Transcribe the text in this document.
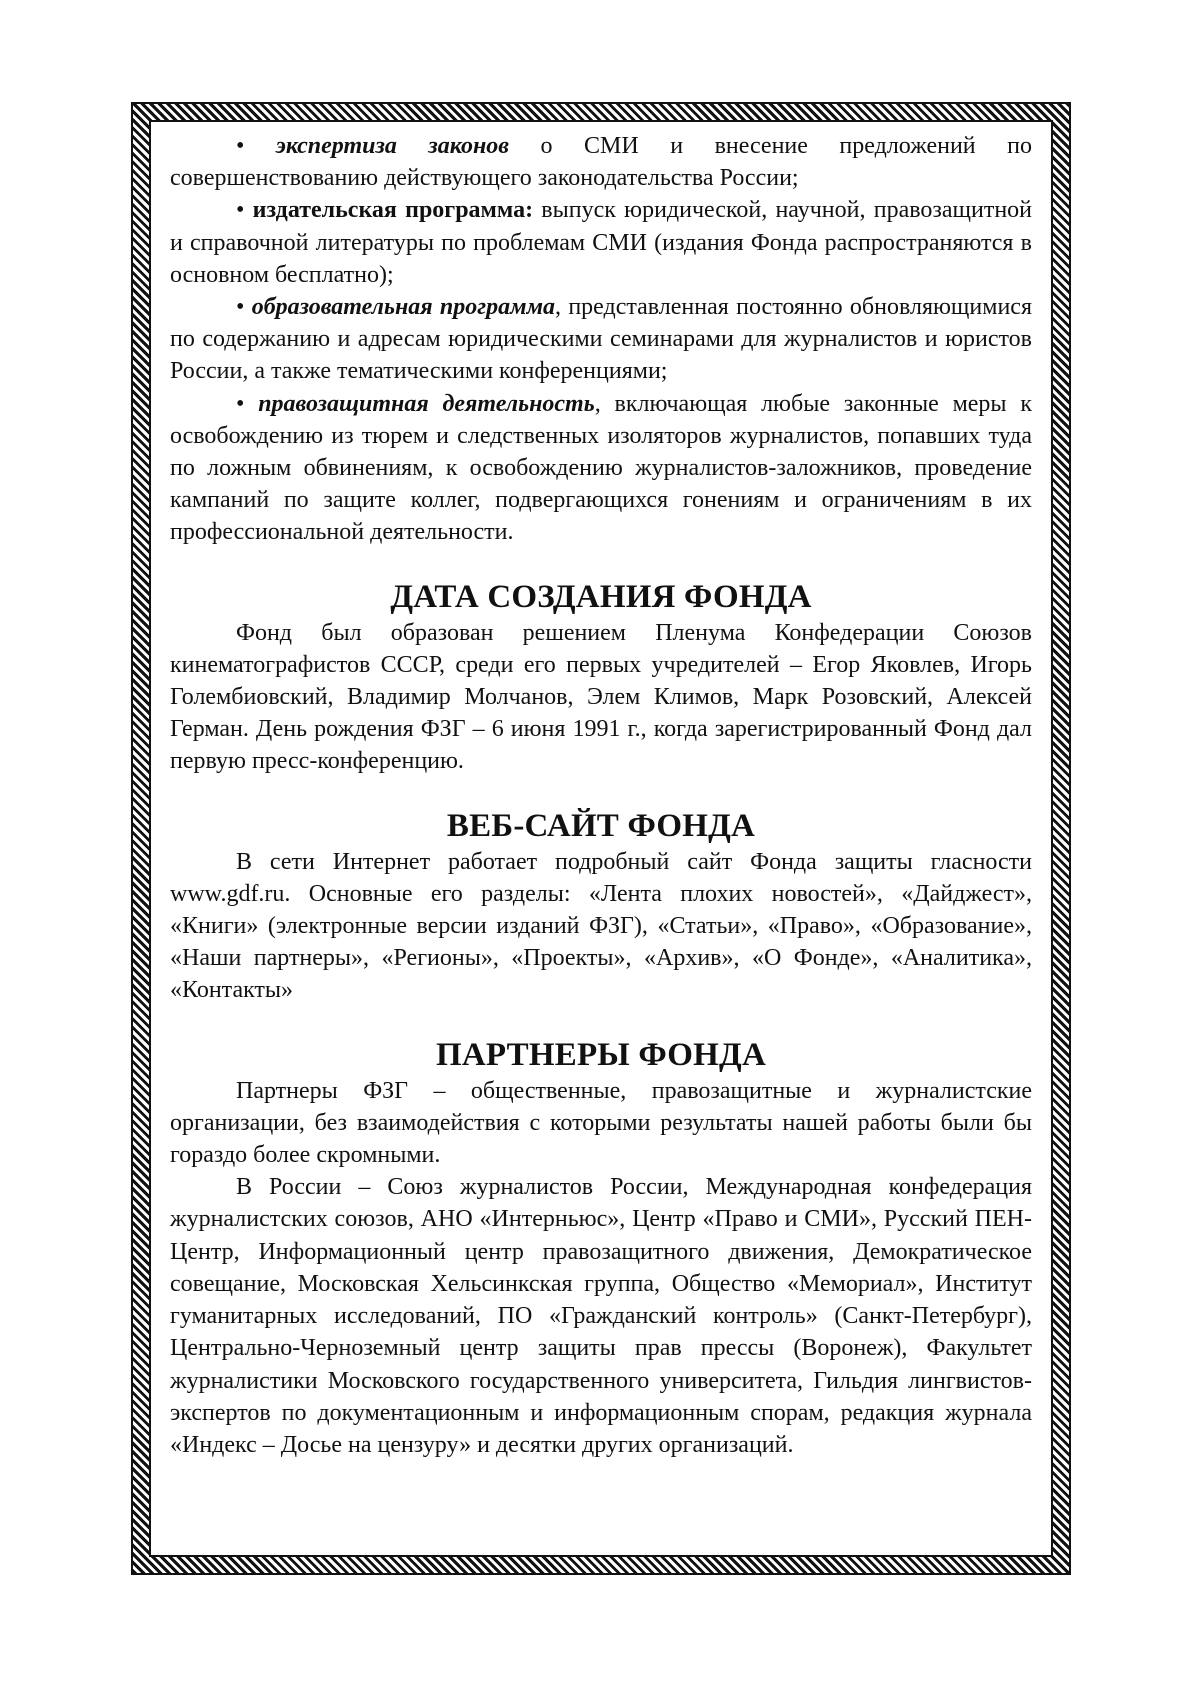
• экспертиза законов о СМИ и внесение предложений по совершенствованию действующего законодательства России;

• издательская программа: выпуск юридической, научной, правозащитной и справочной литературы по проблемам СМИ (издания Фонда распространяются в основном бесплатно);

• образовательная программа, представленная постоянно обновляющимися по содержанию и адресам юридическими семинарами для журналистов и юристов России, а также тематическими конференциями;

• правозащитная деятельность, включающая любые законные меры к освобождению из тюрем и следственных изоляторов журналистов, попавших туда по ложным обвинениям, к освобождению журналистов-заложников, проведение кампаний по защите коллег, подвергающихся гонениям и ограничениям в их профессиональной деятельности.

ДАТА СОЗДАНИЯ ФОНДА

Фонд был образован решением Пленума Конфедерации Союзов кинематографистов СССР, среди его первых учредителей – Егор Яковлев, Игорь Голембиовский, Владимир Молчанов, Элем Климов, Марк Розовский, Алексей Герман. День рождения ФЗГ – 6 июня 1991 г., когда зарегистрированный Фонд дал первую пресс-конференцию.

ВЕБ-САЙТ ФОНДА

В сети Интернет работает подробный сайт Фонда защиты гласности www.gdf.ru. Основные его разделы: «Лента плохих новостей», «Дайджест», «Книги» (электронные версии изданий ФЗГ), «Статьи», «Право», «Образование», «Наши партнеры», «Регионы», «Проекты», «Архив», «О Фонде», «Аналитика», «Контакты»

ПАРТНЕРЫ ФОНДА

Партнеры ФЗГ – общественные, правозащитные и журналистские организации, без взаимодействия с которыми результаты нашей работы были бы гораздо более скромными.

В России – Союз журналистов России, Международная конфедерация журналистских союзов, АНО «Интерньюс», Центр «Право и СМИ», Русский ПЕН-Центр, Информационный центр правозащитного движения, Демократическое совещание, Московская Хельсинкская группа, Общество «Мемориал», Институт гуманитарных исследований, ПО «Гражданский контроль» (Санкт-Петербург), Центрально-Черноземный центр защиты прав прессы (Воронеж), Факультет журналистики Московского государственного университета, Гильдия лингвистов-экспертов по документационным и информационным спорам, редакция журнала «Индекс – Досье на цензуру» и десятки других организаций.
